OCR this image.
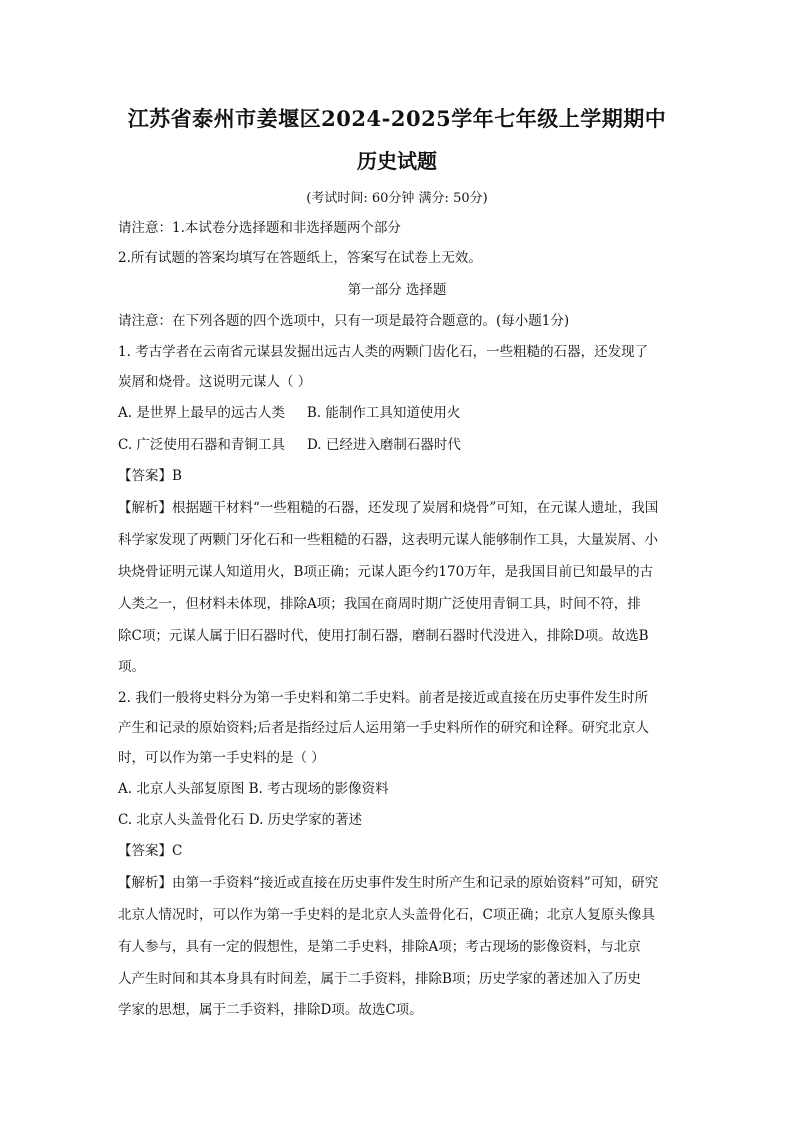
江苏省泰州市姜堰区2024-2025学年七年级上学期期中
历史试题
(考试时间: 60分钟 满分: 50分)
请注意：1.本试卷分选择题和非选择题两个部分
2.所有试题的答案均填写在答题纸上，答案写在试卷上无效。
第一部分 选择题
请注意：在下列各题的四个选项中，只有一项是最符合题意的。(每小题1分)
1. 考古学者在云南省元谋县发掘出远古人类的两颗门齿化石，一些粗糙的石器，还发现了
炭屑和烧骨。这说明元谋人（ ）
A. 是世界上最早的远古人类 B. 能制作工具知道使用火
C. 广泛使用石器和青铜工具 D. 已经进入磨制石器时代
【答案】B
【解析】根据题干材料“一些粗糙的石器，还发现了炭屑和烧骨”可知，在元谋人遗址，我国
科学家发现了两颗门牙化石和一些粗糙的石器，这表明元谋人能够制作工具，大量炭屑、小
块烧骨证明元谋人知道用火，B项正确；元谋人距今约170万年，是我国目前已知最早的古
人类之一，但材料未体现，排除A项；我国在商周时期广泛使用青铜工具，时间不符，排
除C项；元谋人属于旧石器时代，使用打制石器，磨制石器时代没进入，排除D项。故选B
项。
2. 我们一般将史料分为第一手史料和第二手史料。前者是接近或直接在历史事件发生时所
产生和记录的原始资料;后者是指经过后人运用第一手史料所作的研究和诠释。研究北京人
时，可以作为第一手史料的是（ ）
A. 北京人头部复原图 B. 考古现场的影像资料
C. 北京人头盖骨化石 D. 历史学家的著述
【答案】C
【解析】由第一手资料“接近或直接在历史事件发生时所产生和记录的原始资料”可知，研究
北京人情况时，可以作为第一手史料的是北京人头盖骨化石，C项正确；北京人复原头像具
有人参与，具有一定的假想性，是第二手史料，排除A项；考古现场的影像资料，与北京
人产生时间和其本身具有时间差，属于二手资料，排除B项；历史学家的著述加入了历史
学家的思想，属于二手资料，排除D项。故选C项。
